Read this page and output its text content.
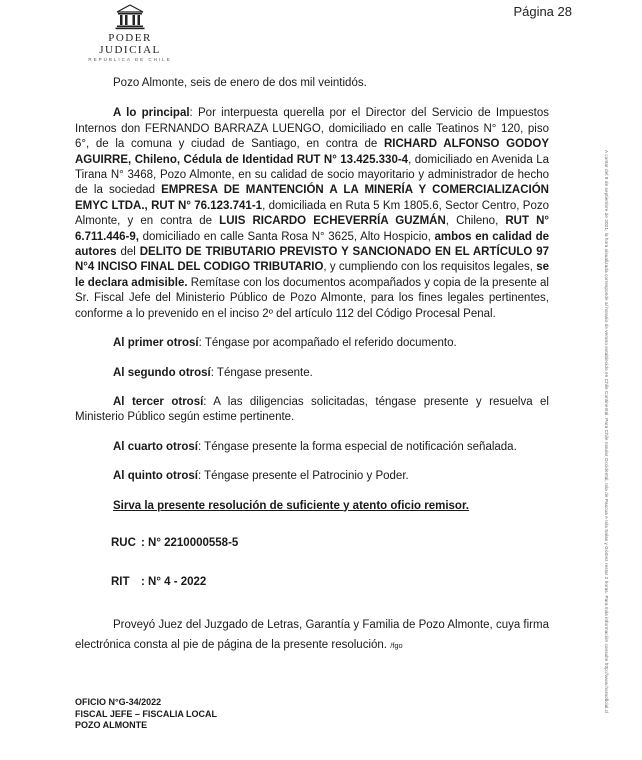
PODER JUDICIAL
REPÚBLICA DE CHILE
Página 28

Pozo Almonte, seis de enero de dos mil veintidós.

A lo principal: Por interpuesta querella por el Director del Servicio de Impuestos Internos don FERNANDO BARRAZA LUENGO, domiciliado en calle Teatinos N° 120, piso 6°, de la comuna y ciudad de Santiago, en contra de RICHARD ALFONSO GODOY AGUIRRE, Chileno, Cédula de Identidad RUT N° 13.425.330-4, domiciliado en Avenida La Tirana N° 3468, Pozo Almonte, en su calidad de socio mayoritario y administrador de hecho de la sociedad EMPRESA DE MANTENCIÓN A LA MINERÍA Y COMERCIALIZACIÓN EMYC LTDA., RUT N° 76.123.741-1, domiciliada en Ruta 5 Km 1805.6, Sector Centro, Pozo Almonte, y en contra de LUIS RICARDO ECHEVERRÍA GUZMÁN, Chileno, RUT N° 6.711.446-9, domiciliado en calle Santa Rosa N° 3625, Alto Hospicio, ambos en calidad de autores del DELITO DE TRIBUTARIO PREVISTO Y SANCIONADO EN EL ARTÍCULO 97 N°4 INCISO FINAL DEL CODIGO TRIBUTARIO, y cumpliendo con los requisitos legales, se le declara admisible. Remítase con los documentos acompañados y copia de la presente al Sr. Fiscal Jefe del Ministerio Público de Pozo Almonte, para los fines legales pertinentes, conforme a lo prevenido en el inciso 2º del artículo 112 del Código Procesal Penal.

Al primer otrosí: Téngase por acompañado el referido documento.

Al segundo otrosí: Téngase presente.

Al tercer otrosí: A las diligencias solicitadas, téngase presente y resuelva el Ministerio Público según estime pertinente.

Al cuarto otrosí: Téngase presente la forma especial de notificación señalada.

Al quinto otrosí: Téngase presente el Patrocinio y Poder.

Sirva la presente resolución de suficiente y atento oficio remisor.

RUC : N° 2210000558-5

RIT : N° 4 - 2022

Proveyó Juez del Juzgado de Letras, Garantía y Familia de Pozo Almonte, cuya firma electrónica consta al pie de página de la presente resolución. /fgo

OFICIO N°G-34/2022
FISCAL JEFE – FISCALIA LOCAL
POZO ALMONTE
A contar del 8 de septiembre de 2021, la hora visualizada corresponde al horario de verano establecido en Chile Continental. Para Chile Insular Occidental, Isla de Pascua e Isla Salas y Gómez restar 2 horas. Para más información consulte http://www.horaoficial.cl
